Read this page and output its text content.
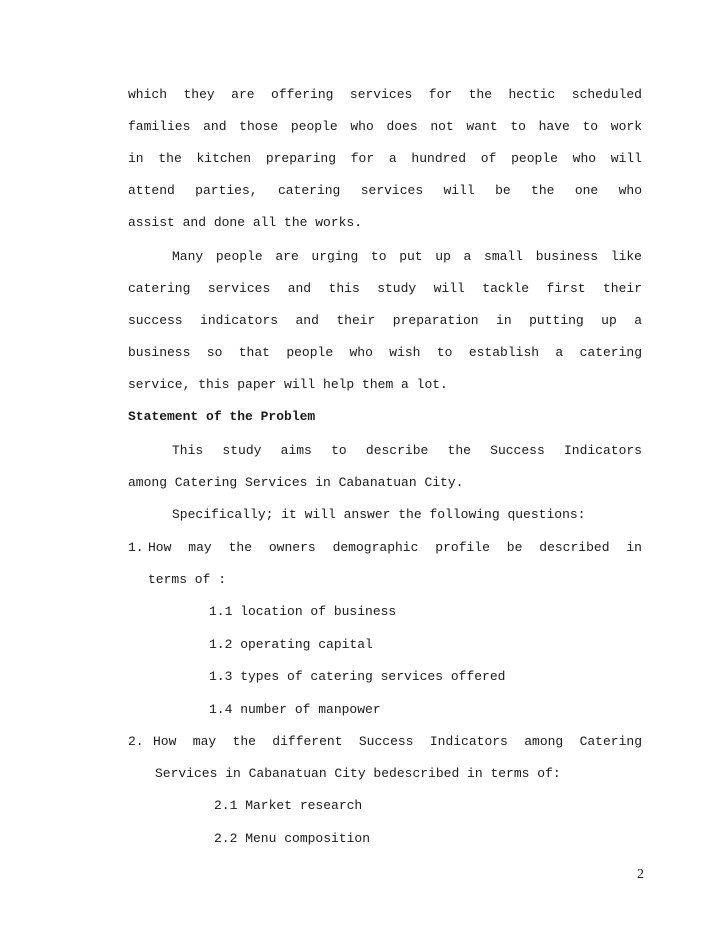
which they are offering services for the hectic scheduled
families and those people who does not want to have to work
in the kitchen preparing for a hundred of people who will
attend parties, catering services will be the one who
assist and done all the works.
Many people are urging to put up a small business like
catering services and this study will tackle first their
success indicators and their preparation in putting up a
business so that people who wish to establish a catering
service, this paper will help them a lot.
Statement of the Problem
This study aims to describe the Success Indicators
among Catering Services in Cabanatuan City.
Specifically; it will answer the following questions:
1. How may the owners demographic profile be described in
terms of :
1.1 location of business
1.2 operating capital
1.3 types of catering services offered
1.4 number of manpower
2. How may the different Success Indicators among Catering
Services in Cabanatuan City bedescribed in terms of:
2.1 Market research
2.2 Menu composition
2
